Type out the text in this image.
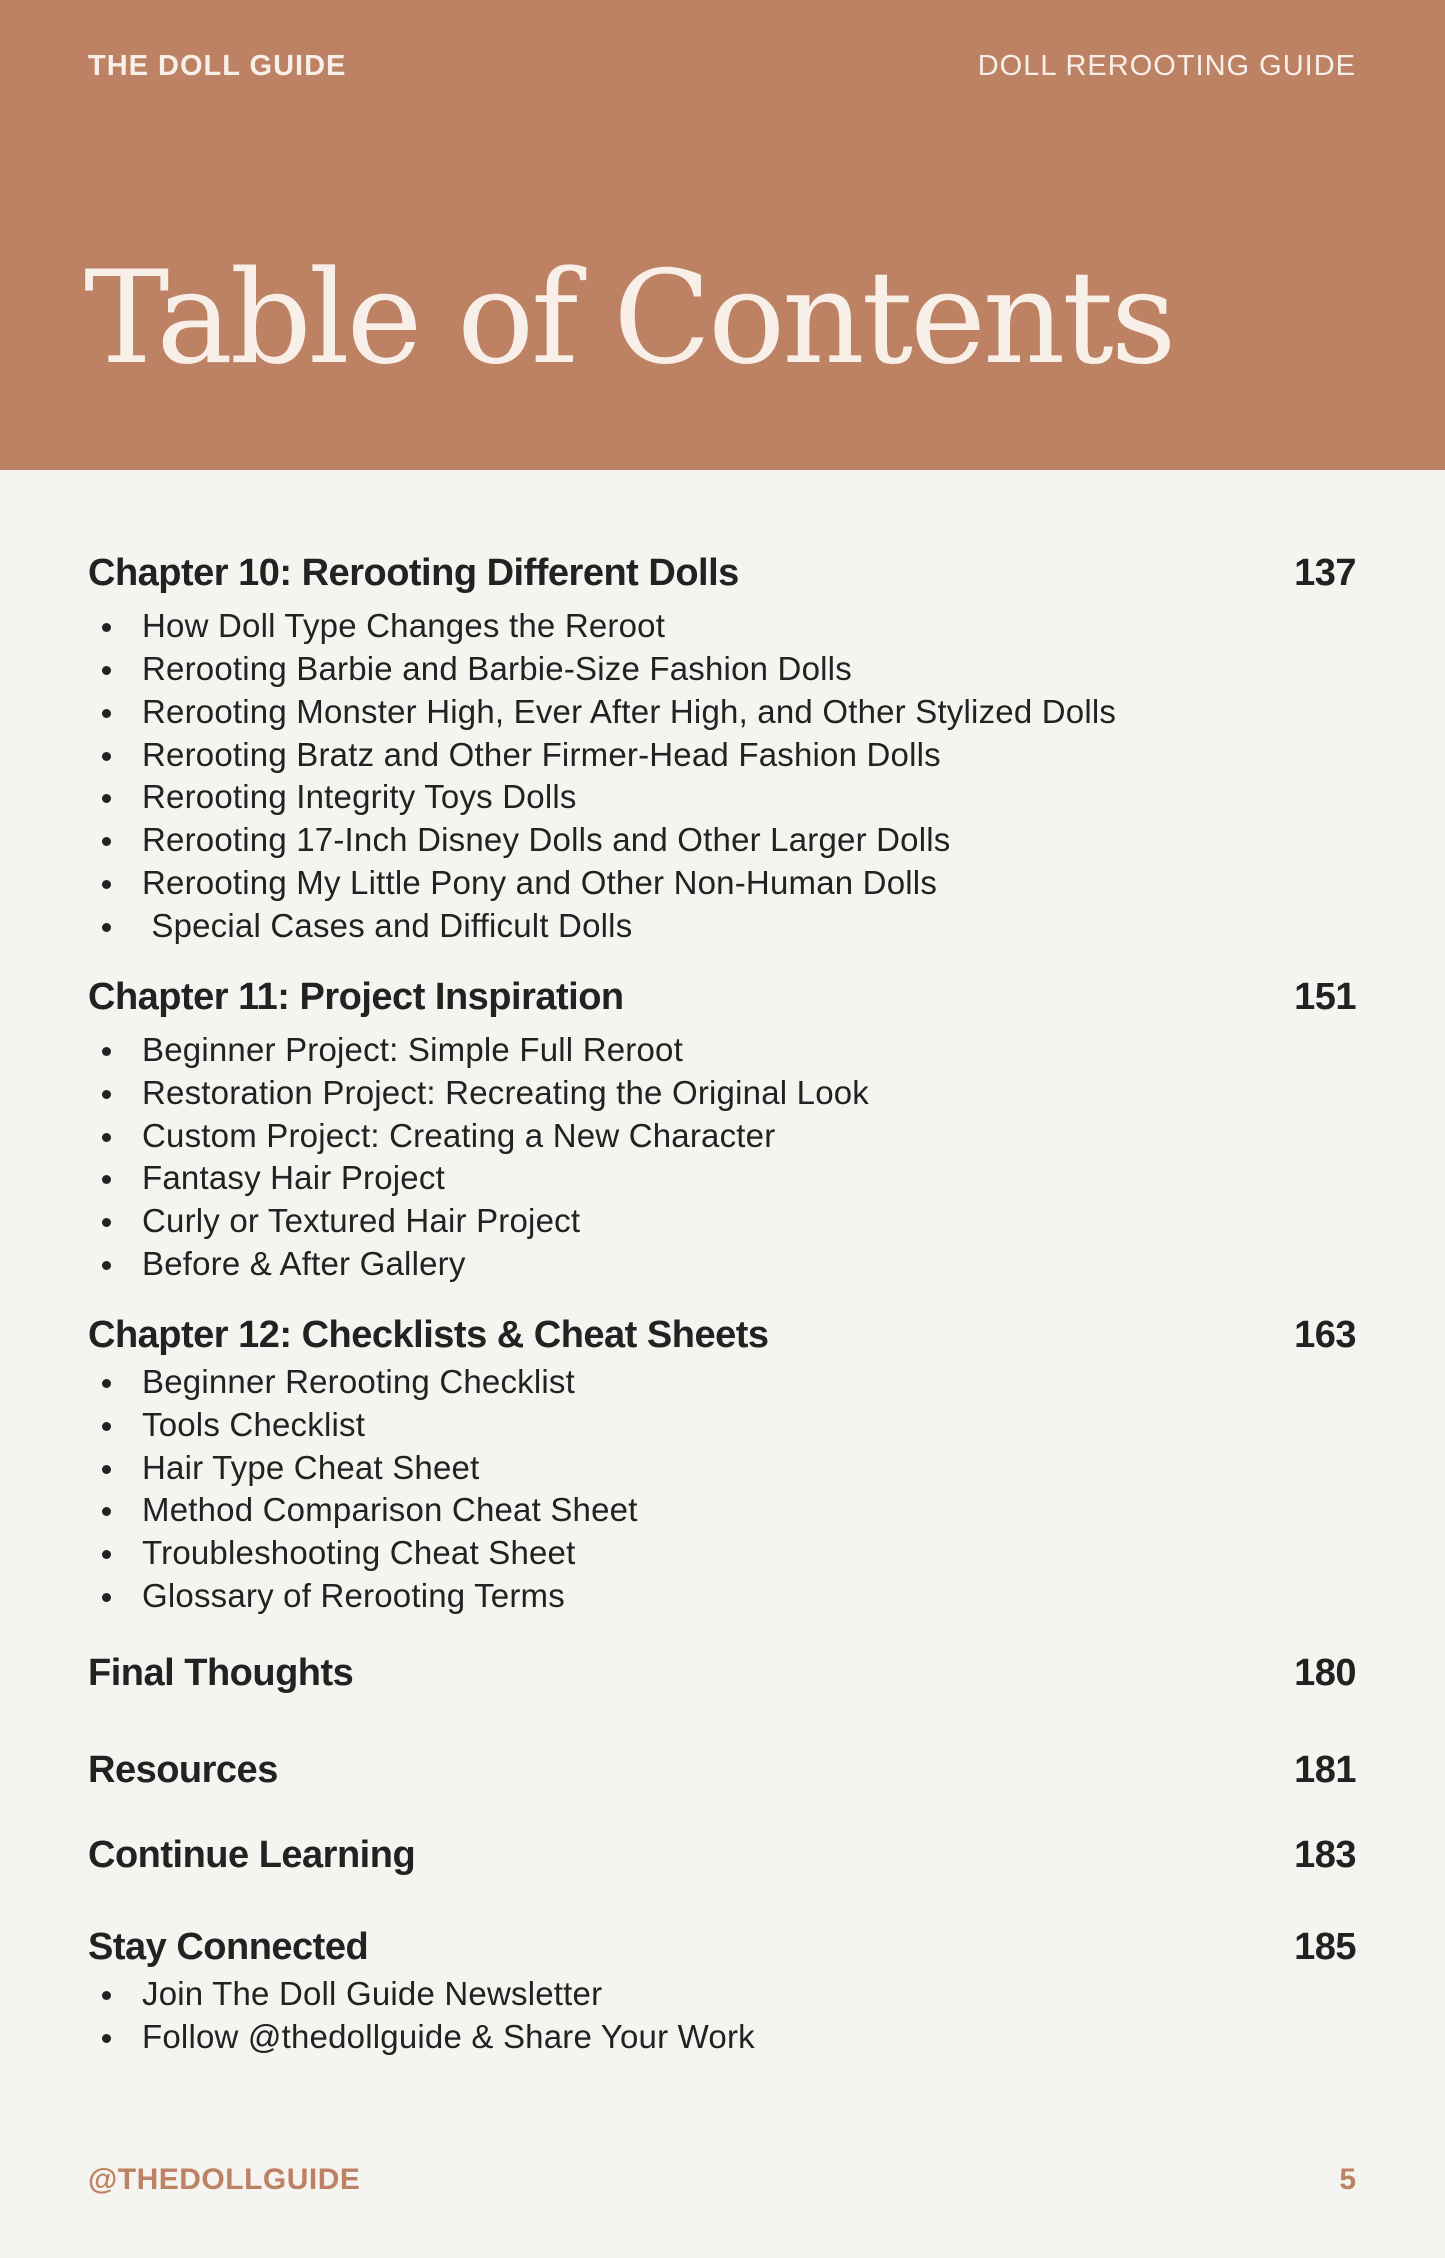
THE DOLL GUIDE	DOLL REROOTING GUIDE
Table of Contents
Chapter 10: Rerooting Different Dolls	137
How Doll Type Changes the Reroot
Rerooting Barbie and Barbie-Size Fashion Dolls
Rerooting Monster High, Ever After High, and Other Stylized Dolls
Rerooting Bratz and Other Firmer-Head Fashion Dolls
Rerooting Integrity Toys Dolls
Rerooting 17-Inch Disney Dolls and Other Larger Dolls
Rerooting My Little Pony and Other Non-Human Dolls
Special Cases and Difficult Dolls
Chapter 11: Project Inspiration	151
Beginner Project: Simple Full Reroot
Restoration Project: Recreating the Original Look
Custom Project: Creating a New Character
Fantasy Hair Project
Curly or Textured Hair Project
Before & After Gallery
Chapter 12: Checklists & Cheat Sheets	163
Beginner Rerooting Checklist
Tools Checklist
Hair Type Cheat Sheet
Method Comparison Cheat Sheet
Troubleshooting Cheat Sheet
Glossary of Rerooting Terms
Final Thoughts	180
Resources	181
Continue Learning	183
Stay Connected	185
Join The Doll Guide Newsletter
Follow @thedollguide & Share Your Work
@THEDOLLGUIDE	5
